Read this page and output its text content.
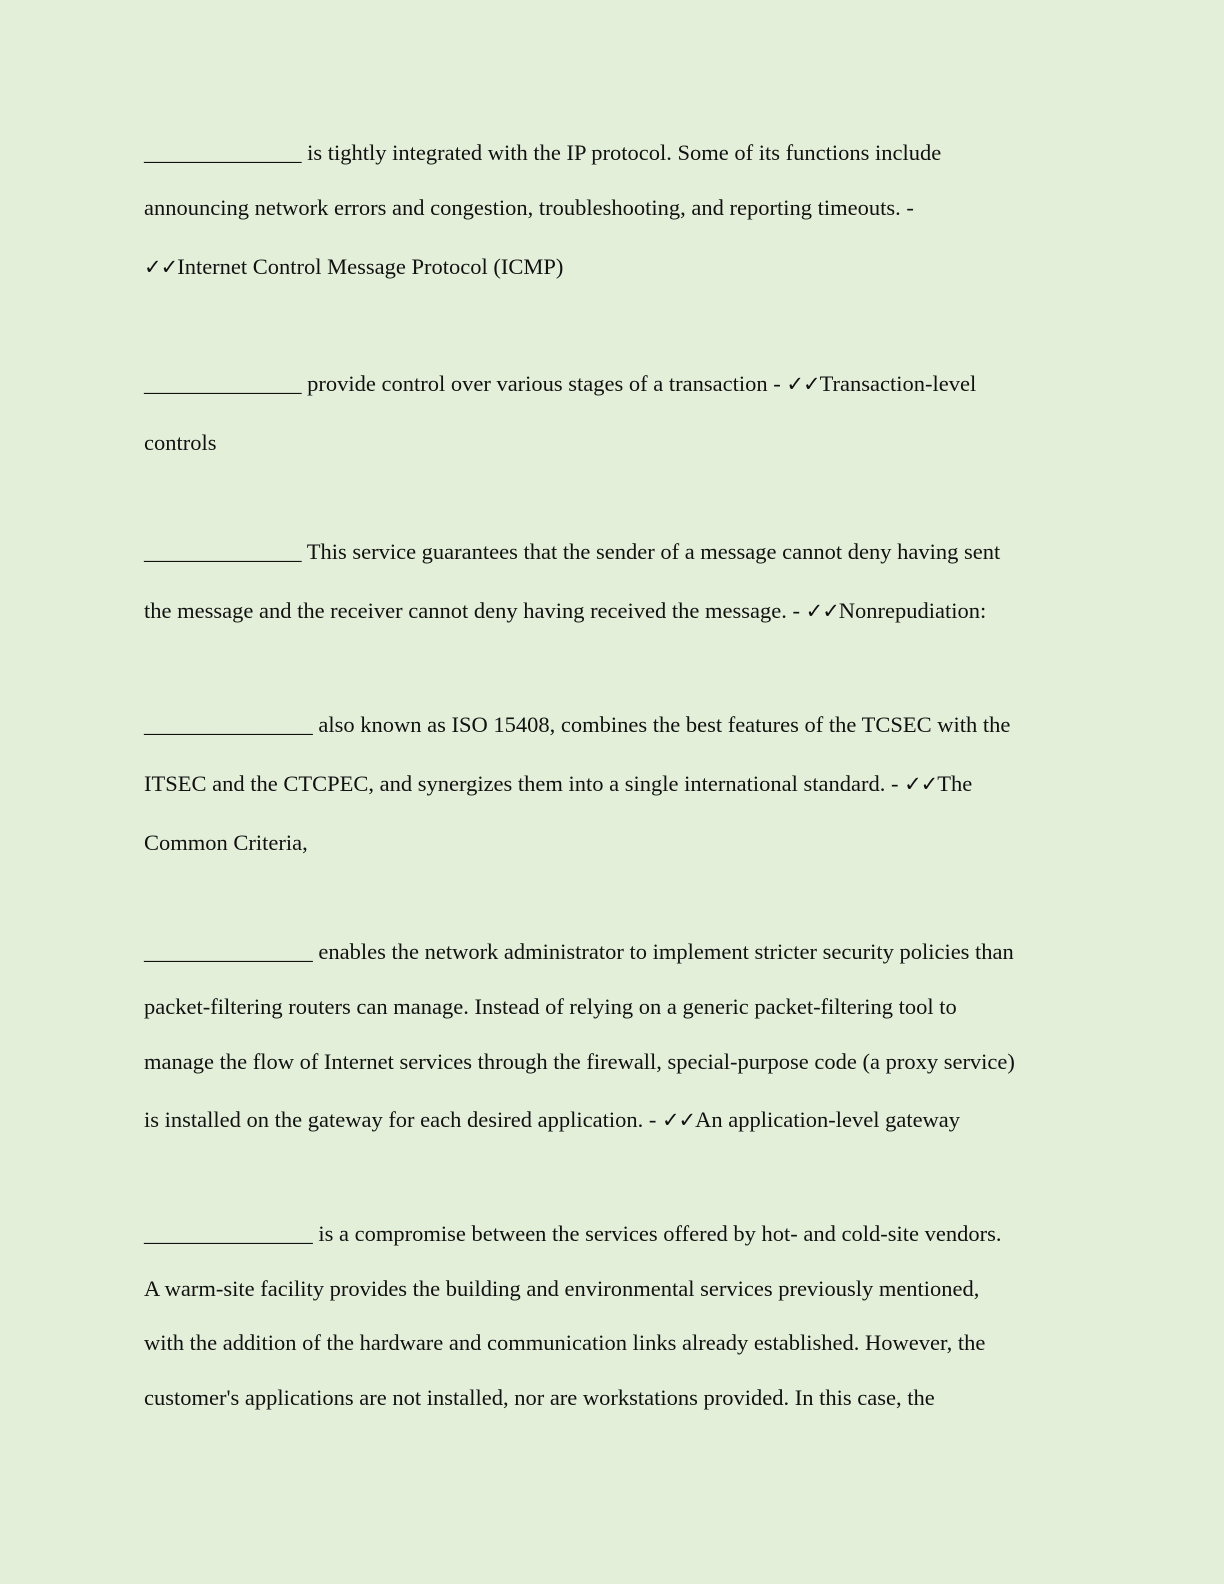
______________ is tightly integrated with the IP protocol. Some of its functions include
announcing network errors and congestion, troubleshooting, and reporting timeouts. -
✓✓Internet Control Message Protocol (ICMP)
______________ provide control over various stages of a transaction - ✓✓Transaction-level
controls
______________ This service guarantees that the sender of a message cannot deny having sent
the message and the receiver cannot deny having received the message. - ✓✓Nonrepudiation:
_______________ also known as ISO 15408, combines the best features of the TCSEC with the
ITSEC and the CTCPEC, and synergizes them into a single international standard. - ✓✓The
Common Criteria,
_______________ enables the network administrator to implement stricter security policies than
packet-filtering routers can manage. Instead of relying on a generic packet-filtering tool to
manage the flow of Internet services through the firewall, special-purpose code (a proxy service)
is installed on the gateway for each desired application. - ✓✓An application-level gateway
_______________ is a compromise between the services offered by hot- and cold-site vendors.
A warm-site facility provides the building and environmental services previously mentioned,
with the addition of the hardware and communication links already established. However, the
customer's applications are not installed, nor are workstations provided. In this case, the
